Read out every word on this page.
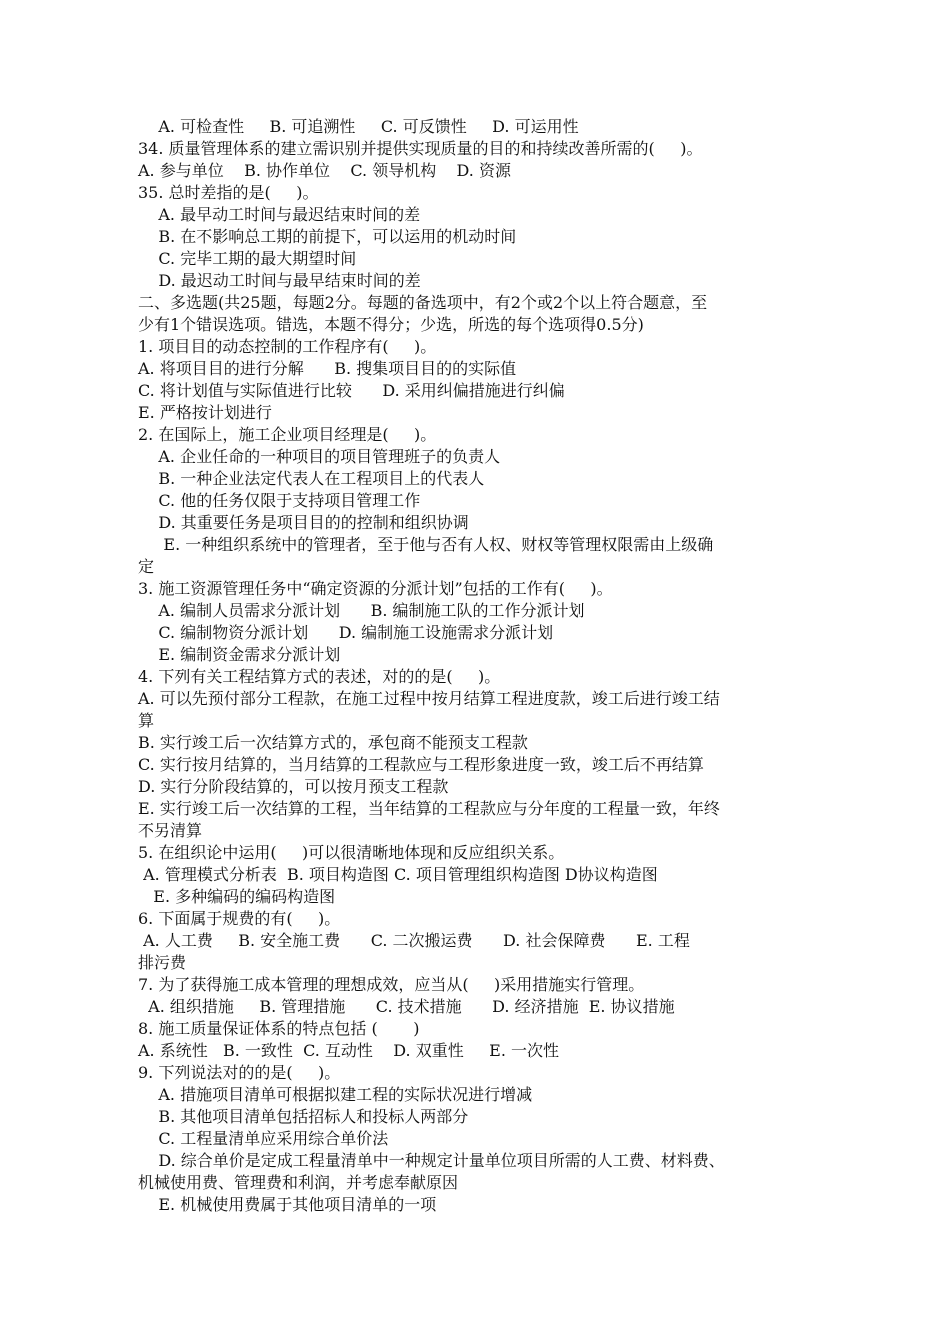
A. 可检查性     B. 可追溯性     C. 可反馈性     D. 可运用性
34. 质量管理体系的建立需识别并提供实现质量的目的和持续改善所需的(     )。
A. 参与单位    B. 协作单位    C. 领导机构    D. 资源
35. 总时差指的是(     )。
A. 最早动工时间与最迟结束时间的差
B. 在不影响总工期的前提下，可以运用的机动时间
C. 完毕工期的最大期望时间
D. 最迟动工时间与最早结束时间的差
二、多选题(共25题，每题2分。每题的备选项中，有2个或2个以上符合题意，至
少有1个错误选项。错选，本题不得分；少选，所选的每个选项得0.5分)
1. 项目目的动态控制的工作程序有(     )。
A. 将项目目的进行分解      B. 搜集项目目的的实际值
C. 将计划值与实际值进行比较      D. 采用纠偏措施进行纠偏
E. 严格按计划进行
2. 在国际上，施工企业项目经理是(     )。
A. 企业任命的一种项目的项目管理班子的负责人
B. 一种企业法定代表人在工程项目上的代表人
C. 他的任务仅限于支持项目管理工作
D. 其重要任务是项目目的的控制和组织协调
E. 一种组织系统中的管理者，至于他与否有人权、财权等管理权限需由上级确
定
3. 施工资源管理任务中“确定资源的分派计划”包括的工作有(     )。
A. 编制人员需求分派计划      B. 编制施工队的工作分派计划
C. 编制物资分派计划      D. 编制施工设施需求分派计划
E. 编制资金需求分派计划
4. 下列有关工程结算方式的表述，对的的是(     )。
A. 可以先预付部分工程款，在施工过程中按月结算工程进度款，竣工后进行竣工结
算
B. 实行竣工后一次结算方式的，承包商不能预支工程款
C. 实行按月结算的，当月结算的工程款应与工程形象进度一致，竣工后不再结算
D. 实行分阶段结算的，可以按月预支工程款
E. 实行竣工后一次结算的工程，当年结算的工程款应与分年度的工程量一致，年终
不另清算
5. 在组织论中运用(     )可以很清晰地体现和反应组织关系。
A. 管理模式分析表  B. 项目构造图 C. 项目管理组织构造图 D协议构造图
E. 多种编码的编码构造图
6. 下面属于规费的有(     )。
A. 人工费     B. 安全施工费      C. 二次搬运费      D. 社会保障费      E. 工程
排污费
7. 为了获得施工成本管理的理想成效，应当从(     )采用措施实行管理。
A. 组织措施     B. 管理措施      C. 技术措施      D. 经济措施  E. 协议措施
8. 施工质量保证体系的特点包括 (       )
A. 系统性   B. 一致性  C. 互动性    D. 双重性     E. 一次性
9. 下列说法对的的是(     )。
A. 措施项目清单可根据拟建工程的实际状况进行增减
B. 其他项目清单包括招标人和投标人两部分
C. 工程量清单应采用综合单价法
D. 综合单价是定成工程量清单中一种规定计量单位项目所需的人工费、材料费、
机械使用费、管理费和利润，并考虑奉献原因
E. 机械使用费属于其他项目清单的一项
